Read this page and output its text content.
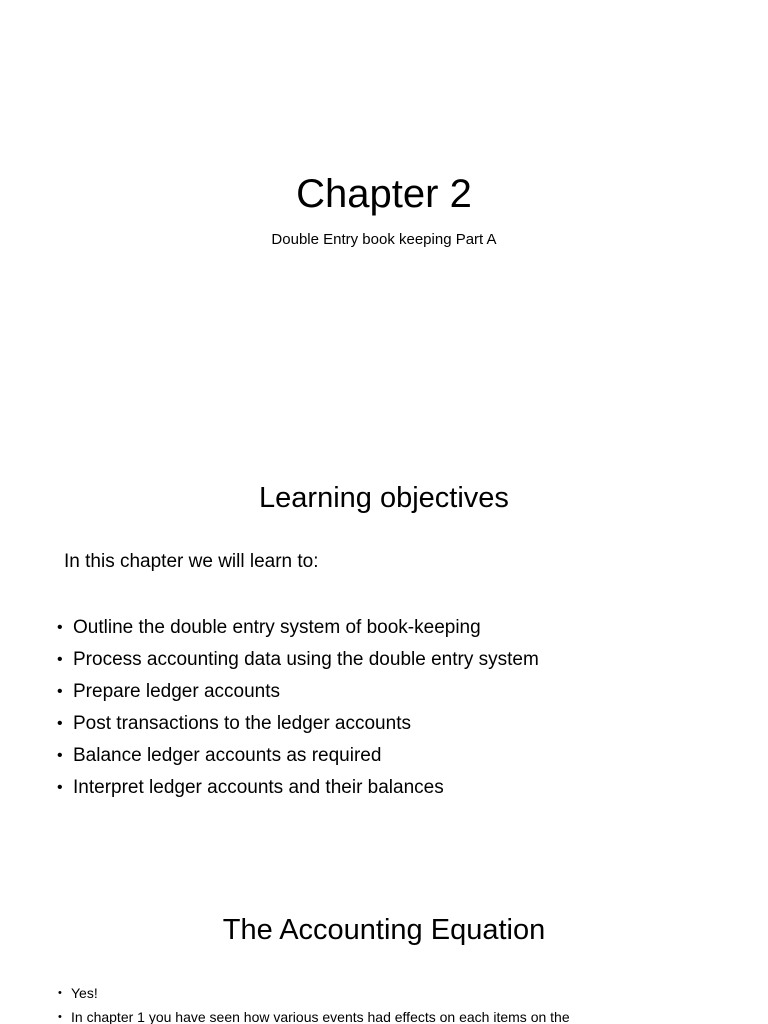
Chapter 2
Double Entry book keeping Part A
Learning objectives
In this chapter we will learn to:
• Outline the double entry system of book-keeping
• Process accounting data using the double entry system
• Prepare ledger accounts
• Post transactions to the ledger accounts
• Balance ledger accounts as required
• Interpret ledger accounts and their balances
The Accounting Equation
• Yes!
• In chapter 1 you have seen how various events had effects on each items on the
